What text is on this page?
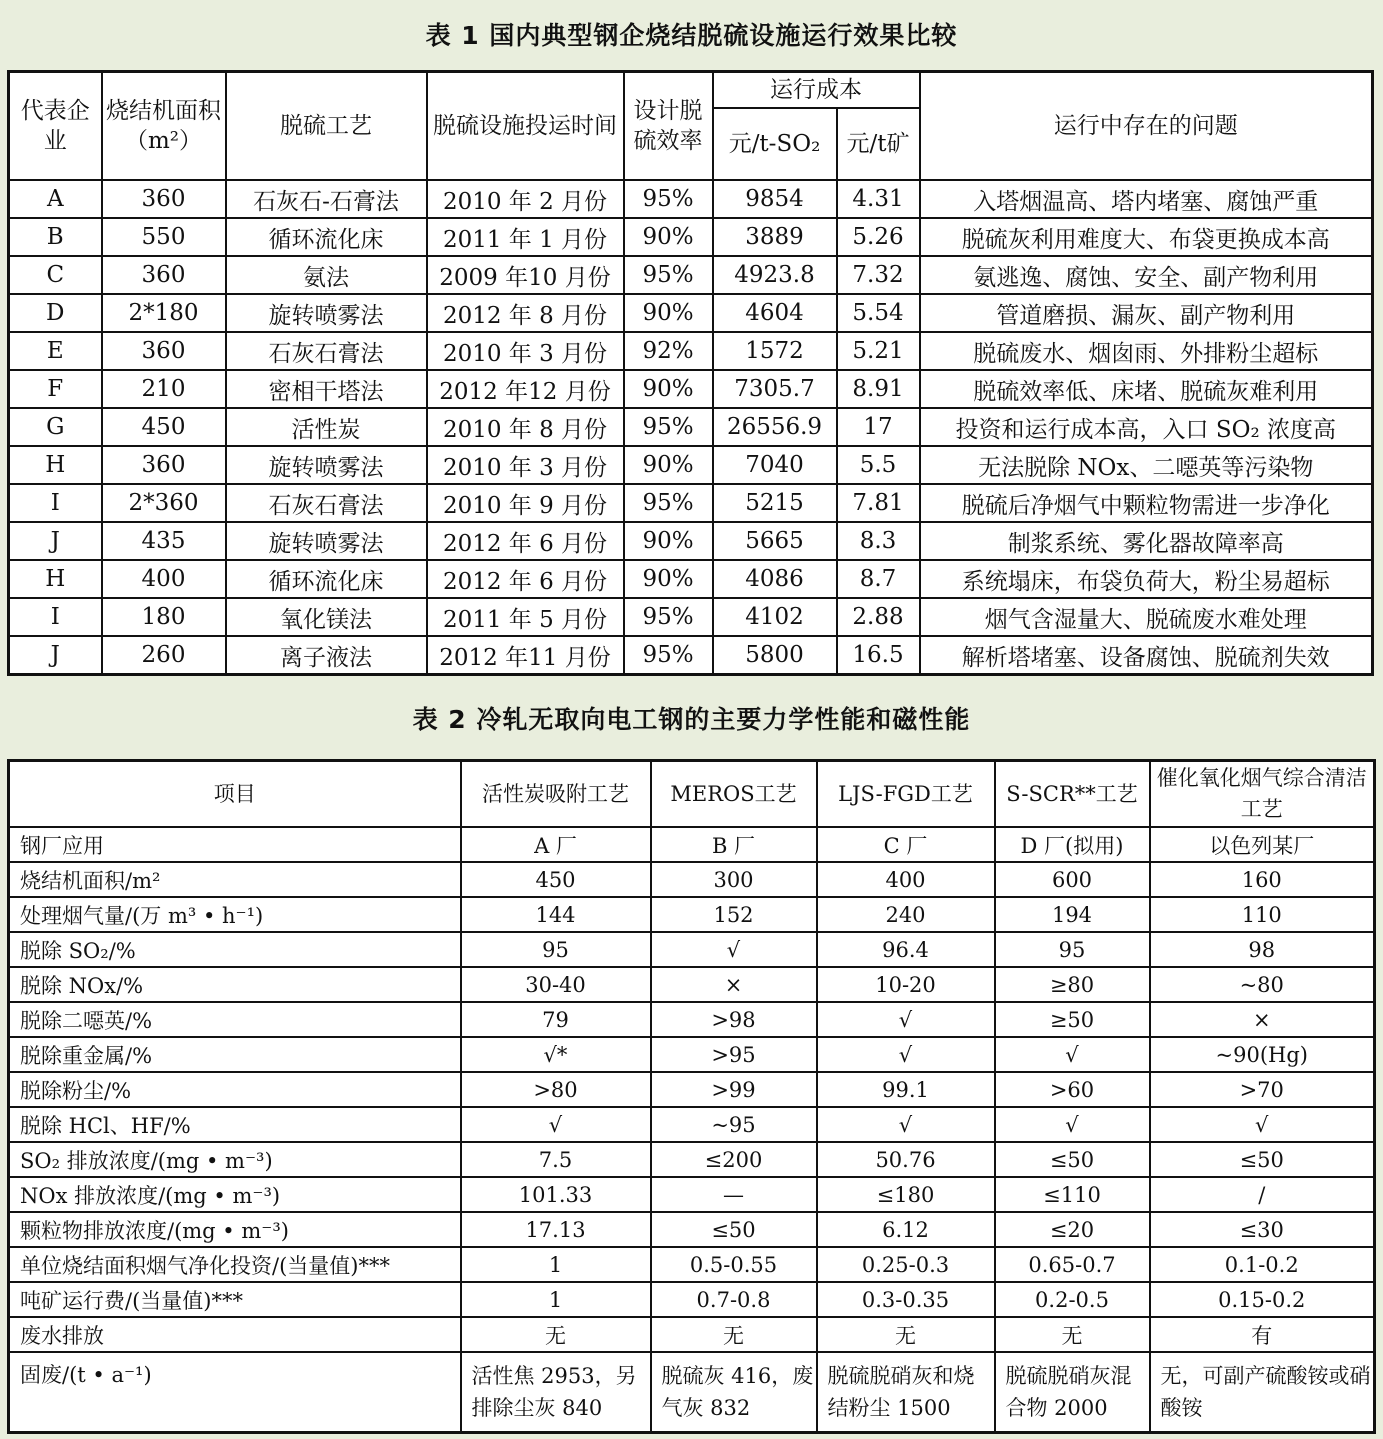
表 1 国内典型钢企烧结脱硫设施运行效果比较
代表企业	烧结机面积（m²）	脱硫工艺	脱硫设施投运时间	设计脱硫效率	运行成本		运行中存在的问题
					元/t-SO₂	元/t矿	
A	360	石灰石-石膏法	2010 年 2 月份	95%	9854	4.31	入塔烟温高、塔内堵塞、腐蚀严重
B	550	循环流化床	2011 年 1 月份	90%	3889	5.26	脱硫灰利用难度大、布袋更换成本高
C	360	氨法	2009 年10 月份	95%	4923.8	7.32	氨逃逸、腐蚀、安全、副产物利用
D	2*180	旋转喷雾法	2012 年 8 月份	90%	4604	5.54	管道磨损、漏灰、副产物利用
E	360	石灰石膏法	2010 年 3 月份	92%	1572	5.21	脱硫废水、烟囱雨、外排粉尘超标
F	210	密相干塔法	2012 年12 月份	90%	7305.7	8.91	脱硫效率低、床堵、脱硫灰难利用
G	450	活性炭	2010 年 8 月份	95%	26556.9	17	投资和运行成本高，入口 SO₂ 浓度高
H	360	旋转喷雾法	2010 年 3 月份	90%	7040	5.5	无法脱除 NOx、二噁英等污染物
I	2*360	石灰石膏法	2010 年 9 月份	95%	5215	7.81	脱硫后净烟气中颗粒物需进一步净化
J	435	旋转喷雾法	2012 年 6 月份	90%	5665	8.3	制浆系统、雾化器故障率高
H	400	循环流化床	2012 年 6 月份	90%	4086	8.7	系统塌床，布袋负荷大，粉尘易超标
I	180	氧化镁法	2011 年 5 月份	95%	4102	2.88	烟气含湿量大、脱硫废水难处理
J	260	离子液法	2012 年11 月份	95%	5800	16.5	解析塔堵塞、设备腐蚀、脱硫剂失效
表 2 冷轧无取向电工钢的主要力学性能和磁性能
项目	活性炭吸附工艺	MEROS工艺	LJS-FGD工艺	S-SCR**工艺	催化氧化烟气综合清洁工艺
钢厂应用	A 厂	B 厂	C 厂	D 厂(拟用)	以色列某厂
烧结机面积/m²	450	300	400	600	160
处理烟气量/(万 m³ • h⁻¹)	144	152	240	194	110
脱除 SO₂/%	95	√	96.4	95	98
脱除 NOx/%	30-40	×	10-20	≥80	~80
脱除二噁英/%	79	>98	√	≥50	×
脱除重金属/%	√*	>95	√	√	~90(Hg)
脱除粉尘/%	>80	>99	99.1	>60	>70
脱除 HCl、HF/%	√	~95	√	√	√
SO₂ 排放浓度/(mg • m⁻³)	7.5	≤200	50.76	≤50	≤50
NOx 排放浓度/(mg • m⁻³)	101.33	—	≤180	≤110	/
颗粒物排放浓度/(mg • m⁻³)	17.13	≤50	6.12	≤20	≤30
单位烧结面积烟气净化投资/(当量值)***	1	0.5-0.55	0.25-0.3	0.65-0.7	0.1-0.2
吨矿运行费/(当量值)***	1	0.7-0.8	0.3-0.35	0.2-0.5	0.15-0.2
废水排放	无	无	无	无	有
固废/(t • a⁻¹)	活性焦 2953，另排除尘灰 840	脱硫灰 416，废气灰 832	脱硫脱硝灰和烧结粉尘 1500	脱硫脱硝灰混合物 2000	无，可副产硫酸铵或硝酸铵
